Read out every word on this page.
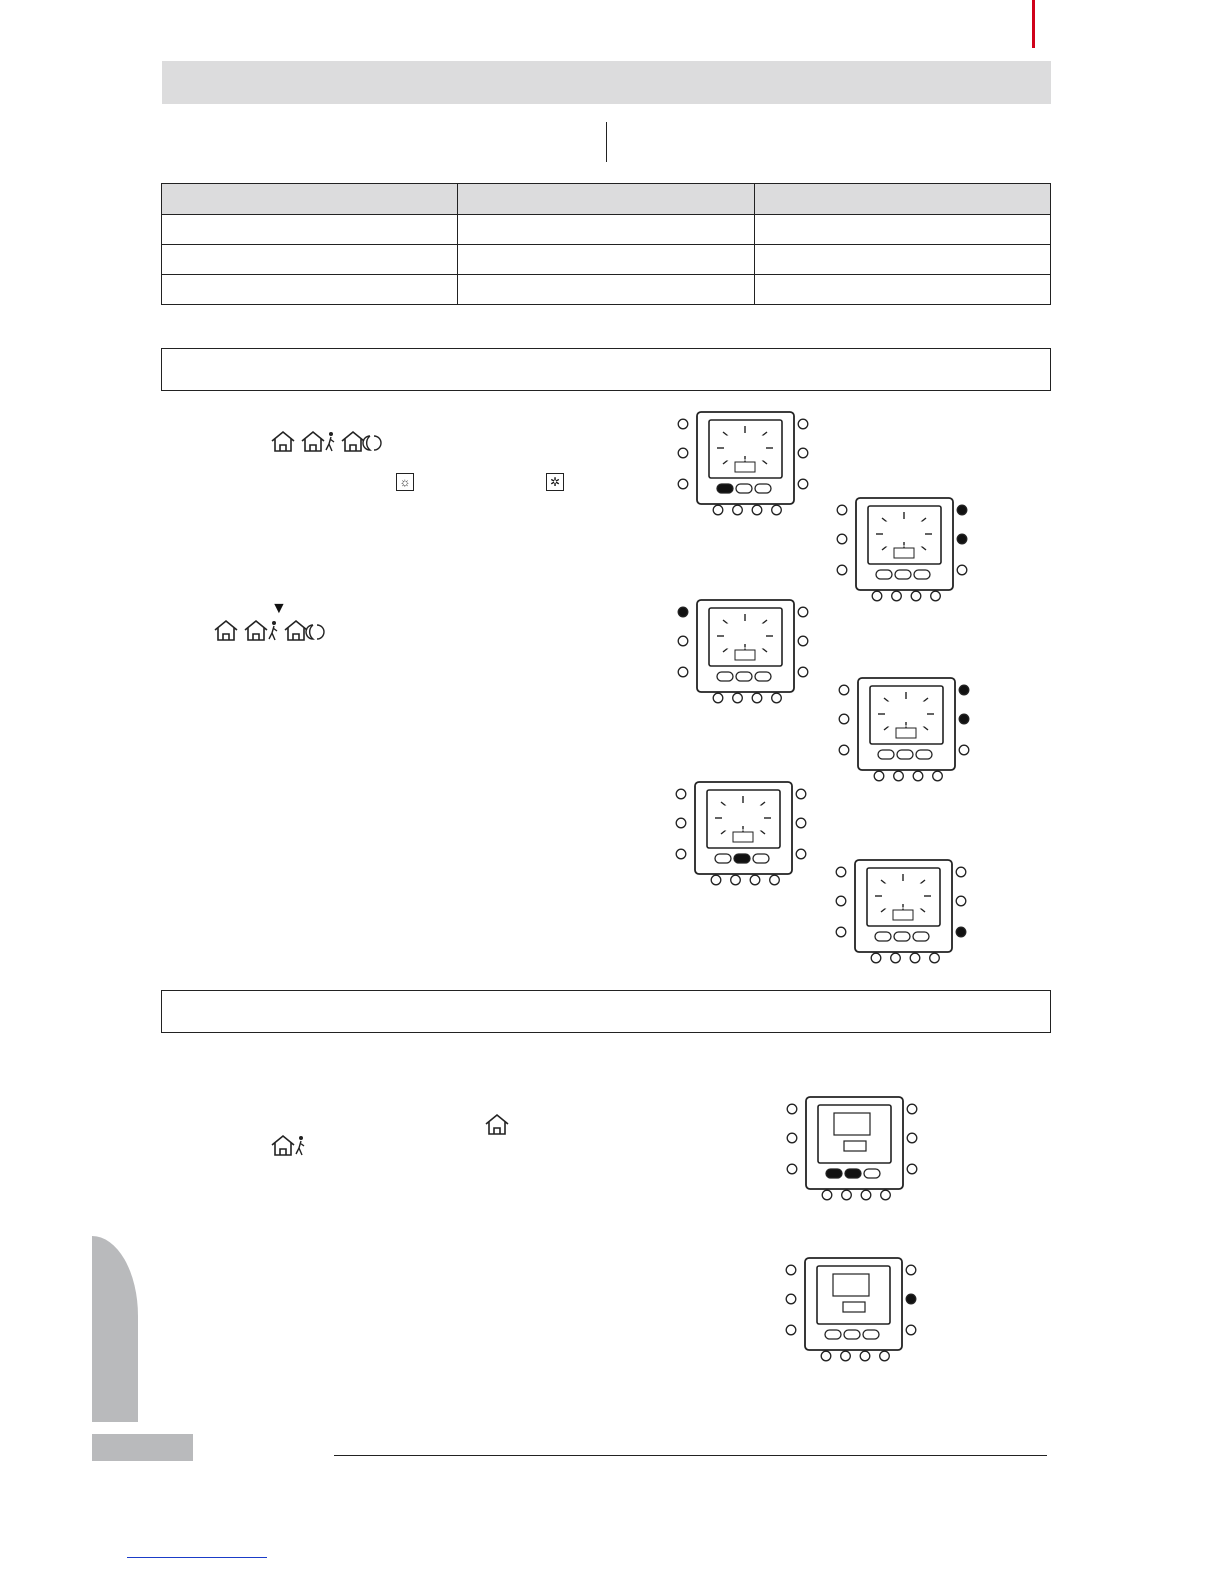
☼	✲
▼
